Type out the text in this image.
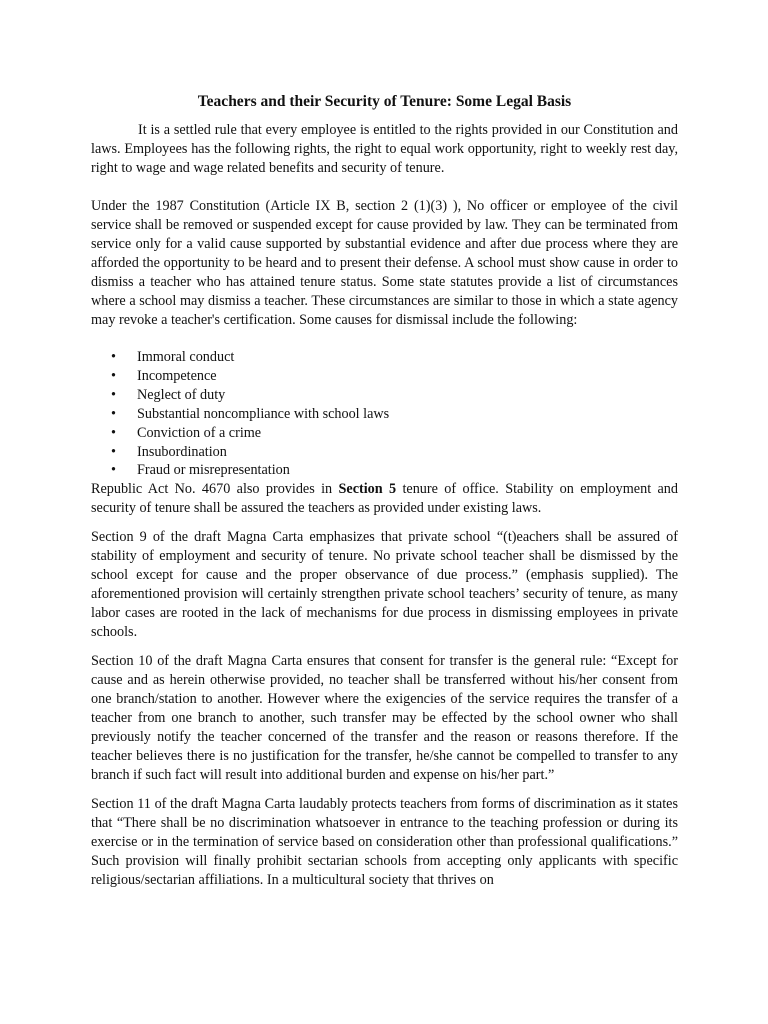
Teachers and their Security of Tenure: Some Legal Basis

It is a settled rule that every employee is entitled to the rights provided in our Constitution and laws. Employees has the following rights, the right to equal work opportunity, right to weekly rest day, right to wage and wage related benefits and security of tenure.

Under the 1987 Constitution (Article IX B, section 2 (1)(3) ), No officer or employee of the civil service shall be removed or suspended except for cause provided by law. They can be terminated from service only for a valid cause supported by substantial evidence and after due process where they are afforded the opportunity to be heard and to present their defense. A school must show cause in order to dismiss a teacher who has attained tenure status. Some state statutes provide a list of circumstances where a school may dismiss a teacher. These circumstances are similar to those in which a state agency may revoke a teacher's certification. Some causes for dismissal include the following:

• Immoral conduct
• Incompetence
• Neglect of duty
• Substantial noncompliance with school laws
• Conviction of a crime
• Insubordination
• Fraud or misrepresentation

Republic Act No. 4670 also provides in Section 5 tenure of office. Stability on employment and security of tenure shall be assured the teachers as provided under existing laws.

Section 9 of the draft Magna Carta emphasizes that private school “(t)eachers shall be assured of stability of employment and security of tenure. No private school teacher shall be dismissed by the school except for cause and the proper observance of due process.” (emphasis supplied). The aforementioned provision will certainly strengthen private school teachers’ security of tenure, as many labor cases are rooted in the lack of mechanisms for due process in dismissing employees in private schools.

Section 10 of the draft Magna Carta ensures that consent for transfer is the general rule: “Except for cause and as herein otherwise provided, no teacher shall be transferred without his/her consent from one branch/station to another. However where the exigencies of the service requires the transfer of a teacher from one branch to another, such transfer may be effected by the school owner who shall previously notify the teacher concerned of the transfer and the reason or reasons therefore. If the teacher believes there is no justification for the transfer, he/she cannot be compelled to transfer to any branch if such fact will result into additional burden and expense on his/her part.”

Section 11 of the draft Magna Carta laudably protects teachers from forms of discrimination as it states that “There shall be no discrimination whatsoever in entrance to the teaching profession or during its exercise or in the termination of service based on consideration other than professional qualifications.” Such provision will finally prohibit sectarian schools from accepting only applicants with specific religious/sectarian affiliations. In a multicultural society that thrives on
